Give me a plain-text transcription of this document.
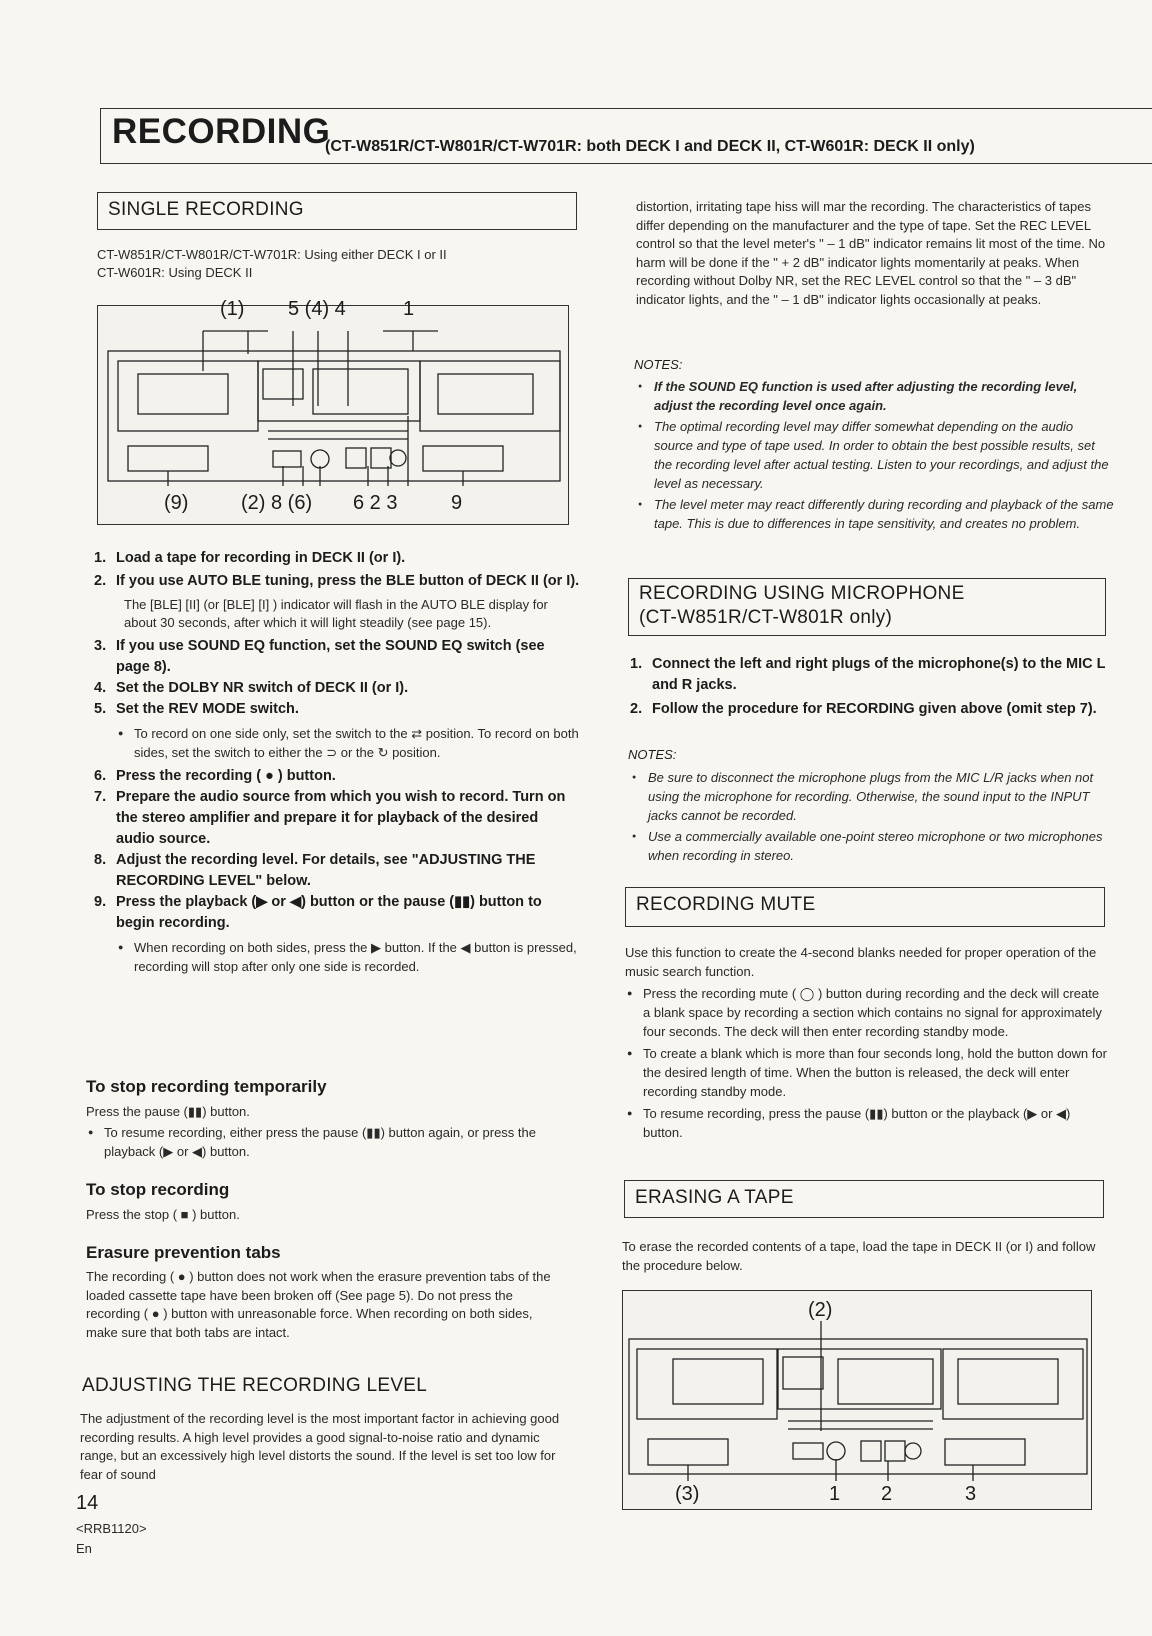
RECORDING
(CT-W851R/CT-W801R/CT-W701R: both DECK I and DECK II, CT-W601R: DECK II only)
SINGLE RECORDING
CT-W851R/CT-W801R/CT-W701R: Using either DECK I or II
CT-W601R: Using DECK II
(1) 5 (4) 4	1
(9)	(2) 8 (6) 6 2 3	9
1. Load a tape for recording in DECK II (or I).
2. If you use AUTO BLE tuning, press the BLE button of DECK II (or I).
The [BLE] [II] (or [BLE] [I] ) indicator will flash in the AUTO BLE display for about 30 seconds, after which it will light steadily (see page 15).
3. If you use SOUND EQ function, set the SOUND EQ switch (see page 8).
4. Set the DOLBY NR switch of DECK II (or I).
5. Set the REV MODE switch.
● To record on one side only, set the switch to the ⇄ position. To record on both sides, set the switch to either the ⊃ or the ↻ position.
6. Press the recording ( ● ) button.
7. Prepare the audio source from which you wish to record. Turn on the stereo amplifier and prepare it for playback of the desired audio source.
8. Adjust the recording level. For details, see "ADJUSTING THE RECORDING LEVEL" below.
9. Press the playback (▶ or ◀) button or the pause (▮▮) button to begin recording.
● When recording on both sides, press the ▶ button. If the ◀ button is pressed, recording will stop after only one side is recorded.
To stop recording temporarily
Press the pause (▮▮) button.
● To resume recording, either press the pause (▮▮) button again, or press the playback (▶ or ◀) button.
To stop recording
Press the stop ( ■ ) button.
Erasure prevention tabs
The recording ( ● ) button does not work when the erasure prevention tabs of the loaded cassette tape have been broken off (See page 5). Do not press the recording ( ● ) button with unreasonable force. When recording on both sides, make sure that both tabs are intact.
ADJUSTING THE RECORDING LEVEL
The adjustment of the recording level is the most important factor in achieving good recording results. A high level provides a good signal-to-noise ratio and dynamic range, but an excessively high level distorts the sound. If the level is set too low for fear of sound
14
<RRB1120>
En
distortion, irritating tape hiss will mar the recording. The characteristics of tapes differ depending on the manufacturer and the type of tape. Set the REC LEVEL control so that the level meter's " – 1 dB" indicator remains lit most of the time. No harm will be done if the " + 2 dB" indicator lights momentarily at peaks. When recording without Dolby NR, set the REC LEVEL control so that the " – 3 dB" indicator lights, and the " – 1 dB" indicator lights occasionally at peaks.
NOTES:
● If the SOUND EQ function is used after adjusting the recording level, adjust the recording level once again.
● The optimal recording level may differ somewhat depending on the audio source and type of tape used. In order to obtain the best possible results, set the recording level after actual testing. Listen to your recordings, and adjust the level as necessary.
● The level meter may react differently during recording and playback of the same tape. This is due to differences in tape sensitivity, and creates no problem.
RECORDING USING MICROPHONE
(CT-W851R/CT-W801R only)
1. Connect the left and right plugs of the microphone(s) to the MIC L and R jacks.
2. Follow the procedure for RECORDING given above (omit step 7).
NOTES:
● Be sure to disconnect the microphone plugs from the MIC L/R jacks when not using the microphone for recording. Otherwise, the sound input to the INPUT jacks cannot be recorded.
● Use a commercially available one-point stereo microphone or two microphones when recording in stereo.
RECORDING MUTE
Use this function to create the 4-second blanks needed for proper operation of the music search function.
● Press the recording mute ( ◯ ) button during recording and the deck will create a blank space by recording a section which contains no signal for approximately four seconds. The deck will then enter recording standby mode.
● To create a blank which is more than four seconds long, hold the button down for the desired length of time. When the button is released, the deck will enter recording standby mode.
● To resume recording, press the pause (▮▮) button or the playback (▶ or ◀) button.
ERASING A TAPE
To erase the recorded contents of a tape, load the tape in DECK II (or I) and follow the procedure below.
(2)
(3)	1 2	3
